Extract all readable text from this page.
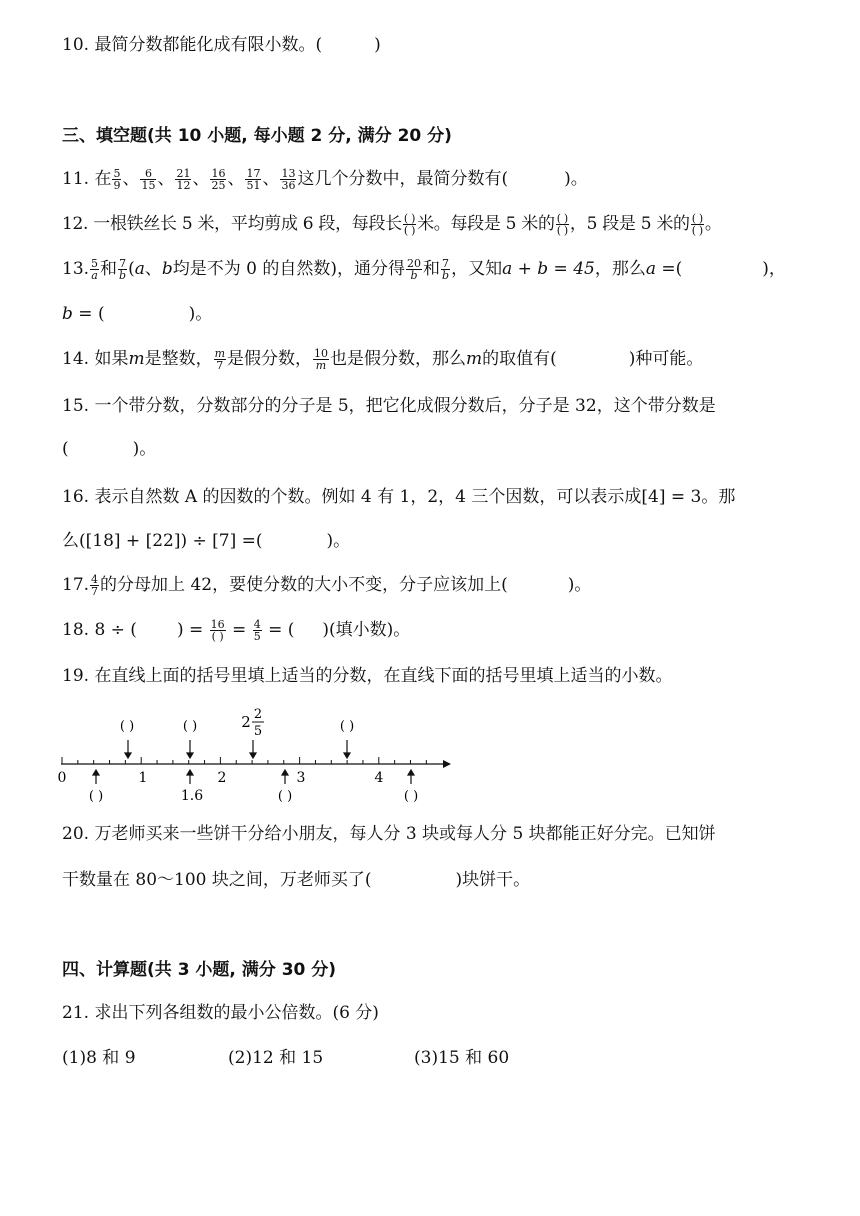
10. 最简分数都能化成有限小数。(	)
三、填空题(共 10 小题, 每小题 2 分, 满分 20 分)
11. 在 $\frac{5}{9}$ 、 $\frac{6}{15}$ 、 $\frac{21}{12}$ 、 $\frac{16}{25}$ 、 $\frac{17}{51}$ 、 $\frac{13}{36}$ 这几个分数中，最简分数有(	)。
12. 一根铁丝长 5 米，平均剪成 6 段，每段长 $\frac{( )}{( )}$ 米。每段是 5 米的 $\frac{( )}{( )}$ ，5 段是 5 米的 $\frac{( )}{( )}$ 。
13. $\frac{5}{a}$ 和 $\frac{7}{b} (a$、b均是不为 0 的自然数)，通分得 $\frac{20}{b}$ 和 $\frac{7}{b}$ ，又知a + b = 45，那么a =(	)，
b = (	)。
14. 如果m是整数， $\frac{m}{7}$ 是假分数， $\frac{10}{m}$ 也是假分数，那么m的取值有(	)种可能。
15. 一个带分数，分数部分的分子是 5，把它化成假分数后，分子是 32，这个带分数是
(	)。
16. 表示自然数 A 的因数的个数。例如 4 有 1，2，4 三个因数，可以表示成[4] = 3。那
么([18] + [22]) ÷ [7] =(	)。
17. $\frac{4}{7}$ 的分母加上 42，要使分数的大小不变，分子应该加上(	)。
18. 8 ÷ ( ) = $\frac{16}{( )} = \frac{4}{5}$ = ( )(填小数)。
19. 在直线上面的括号里填上适当的分数，在直线下面的括号里填上适当的小数。
0	1	2	3	4
( )	( )	( )
2 2
5
( )	1.6	( )	( )
20. 万老师买来一些饼干分给小朋友，每人分 3 块或每人分 5 块都能正好分完。已知饼
干数量在 80～100 块之间，万老师买了(	)块饼干。
四、计算题(共 3 小题, 满分 30 分)
21. 求出下列各组数的最小公倍数。(6 分)
(1)8 和 9	(2)12 和 15	(3)15 和 60
